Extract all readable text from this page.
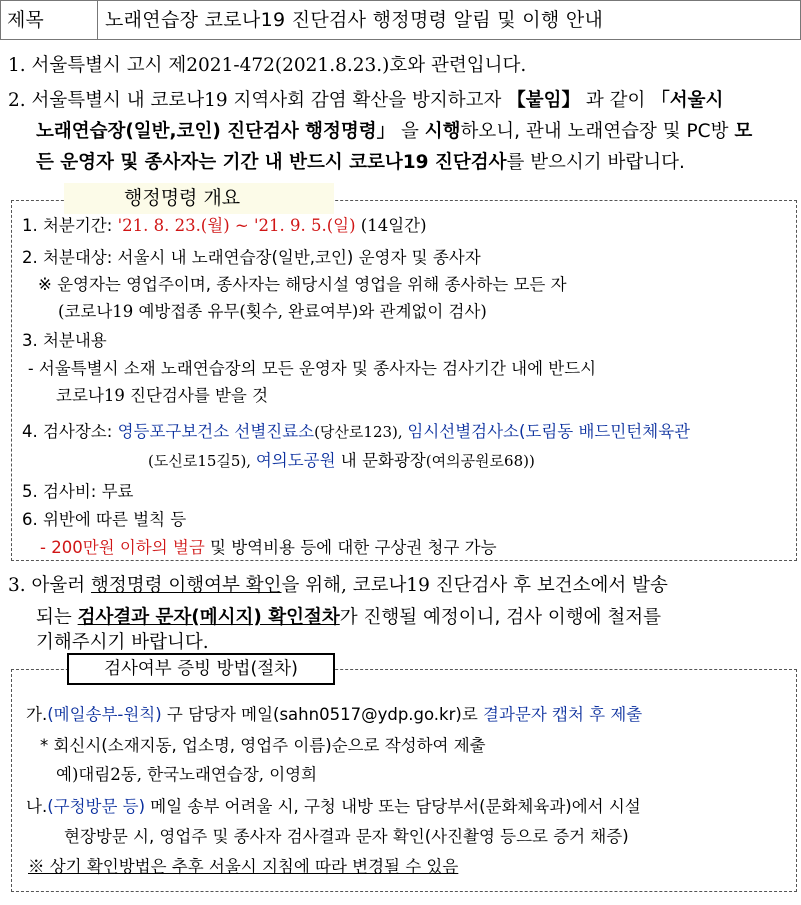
제목	노래연습장 코로나19 진단검사 행정명령 알림 및 이행 안내
1. 서울특별시 고시 제2021-472(2021.8.23.)호와 관련입니다.
2. 서울특별시 내 코로나19 지역사회 감염 확산을 방지하고자 【붙임】 과 같이 「서울시
노래연습장(일반,코인) 진단검사 행정명령」 을 시행하오니, 관내 노래연습장 및 PC방 모
든 운영자 및 종사자는 기간 내 반드시 코로나19 진단검사를 받으시기 바랍니다.
행정명령 개요
1. 처분기간: '21. 8. 23.(월) ~ '21. 9. 5.(일) (14일간)
2. 처분대상: 서울시 내 노래연습장(일반,코인) 운영자 및 종사자
※ 운영자는 영업주이며, 종사자는 해당시설 영업을 위해 종사하는 모든 자
(코로나19 예방접종 유무(횟수, 완료여부)와 관계없이 검사)
3. 처분내용
- 서울특별시 소재 노래연습장의 모든 운영자 및 종사자는 검사기간 내에 반드시
코로나19 진단검사를 받을 것
4. 검사장소: 영등포구보건소 선별진료소(당산로123), 임시선별검사소(도림동 배드민턴체육관
(도신로15길5), 여의도공원 내 문화광장(여의공원로68))
5. 검사비: 무료
6. 위반에 따른 벌칙 등
- 200만원 이하의 벌금 및 방역비용 등에 대한 구상권 청구 가능
3. 아울러 행정명령 이행여부 확인을 위해, 코로나19 진단검사 후 보건소에서 발송
되는 검사결과 문자(메시지) 확인절차가 진행될 예정이니, 검사 이행에 철저를
기해주시기 바랍니다.
검사여부 증빙 방법(절차)
가.(메일송부-원칙) 구 담당자 메일(sahn0517@ydp.go.kr)로 결과문자 캡처 후 제출
* 회신시(소재지동, 업소명, 영업주 이름)순으로 작성하여 제출
예)대림2동, 한국노래연습장, 이영희
나.(구청방문 등) 메일 송부 어려울 시, 구청 내방 또는 담당부서(문화체육과)에서 시설
현장방문 시, 영업주 및 종사자 검사결과 문자 확인(사진촬영 등으로 증거 채증)
※ 상기 확인방법은 추후 서울시 지침에 따라 변경될 수 있음
